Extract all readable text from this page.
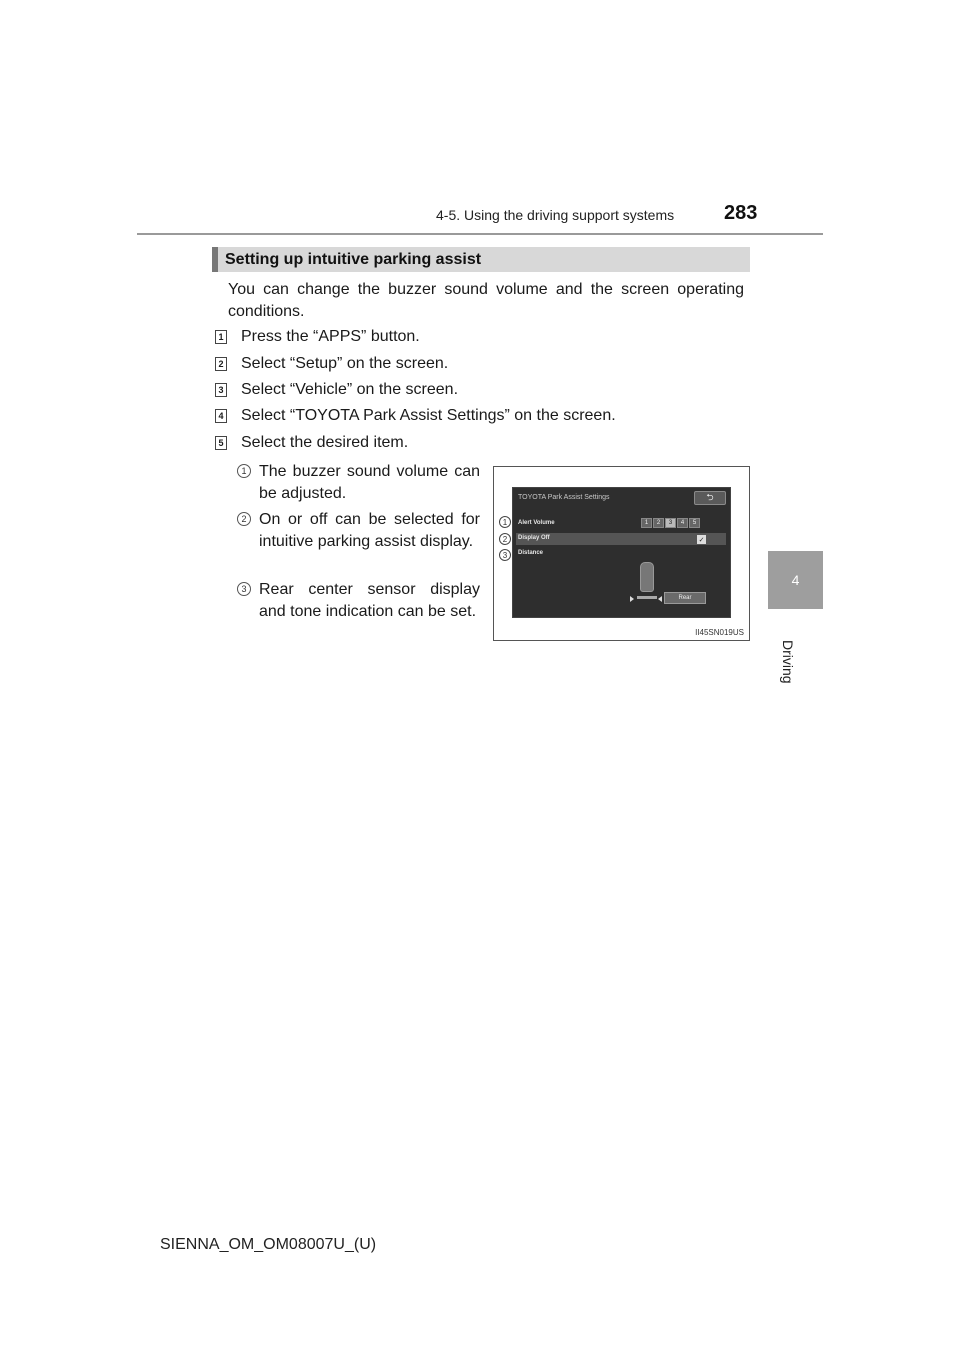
4-5. Using the driving support systems 283
4
Driving
Setting up intuitive parking assist
You can change the buzzer sound volume and the screen operating conditions.
1 Press the “APPS” button.
2 Select “Setup” on the screen.
3 Select “Vehicle” on the screen.
4 Select “TOYOTA Park Assist Settings” on the screen.
5 Select the desired item.
1 The buzzer sound volume can be adjusted.
2 On or off can be selected for intuitive parking assist display.
3 Rear center sensor display and tone indication can be set.
TOYOTA Park Assist Settings	⮌
Alert Volume
Display Off
Distance
1	2	3	4	5
✓
Rear
1
2
3
II45SN019US
SIENNA_OM_OM08007U_(U)
